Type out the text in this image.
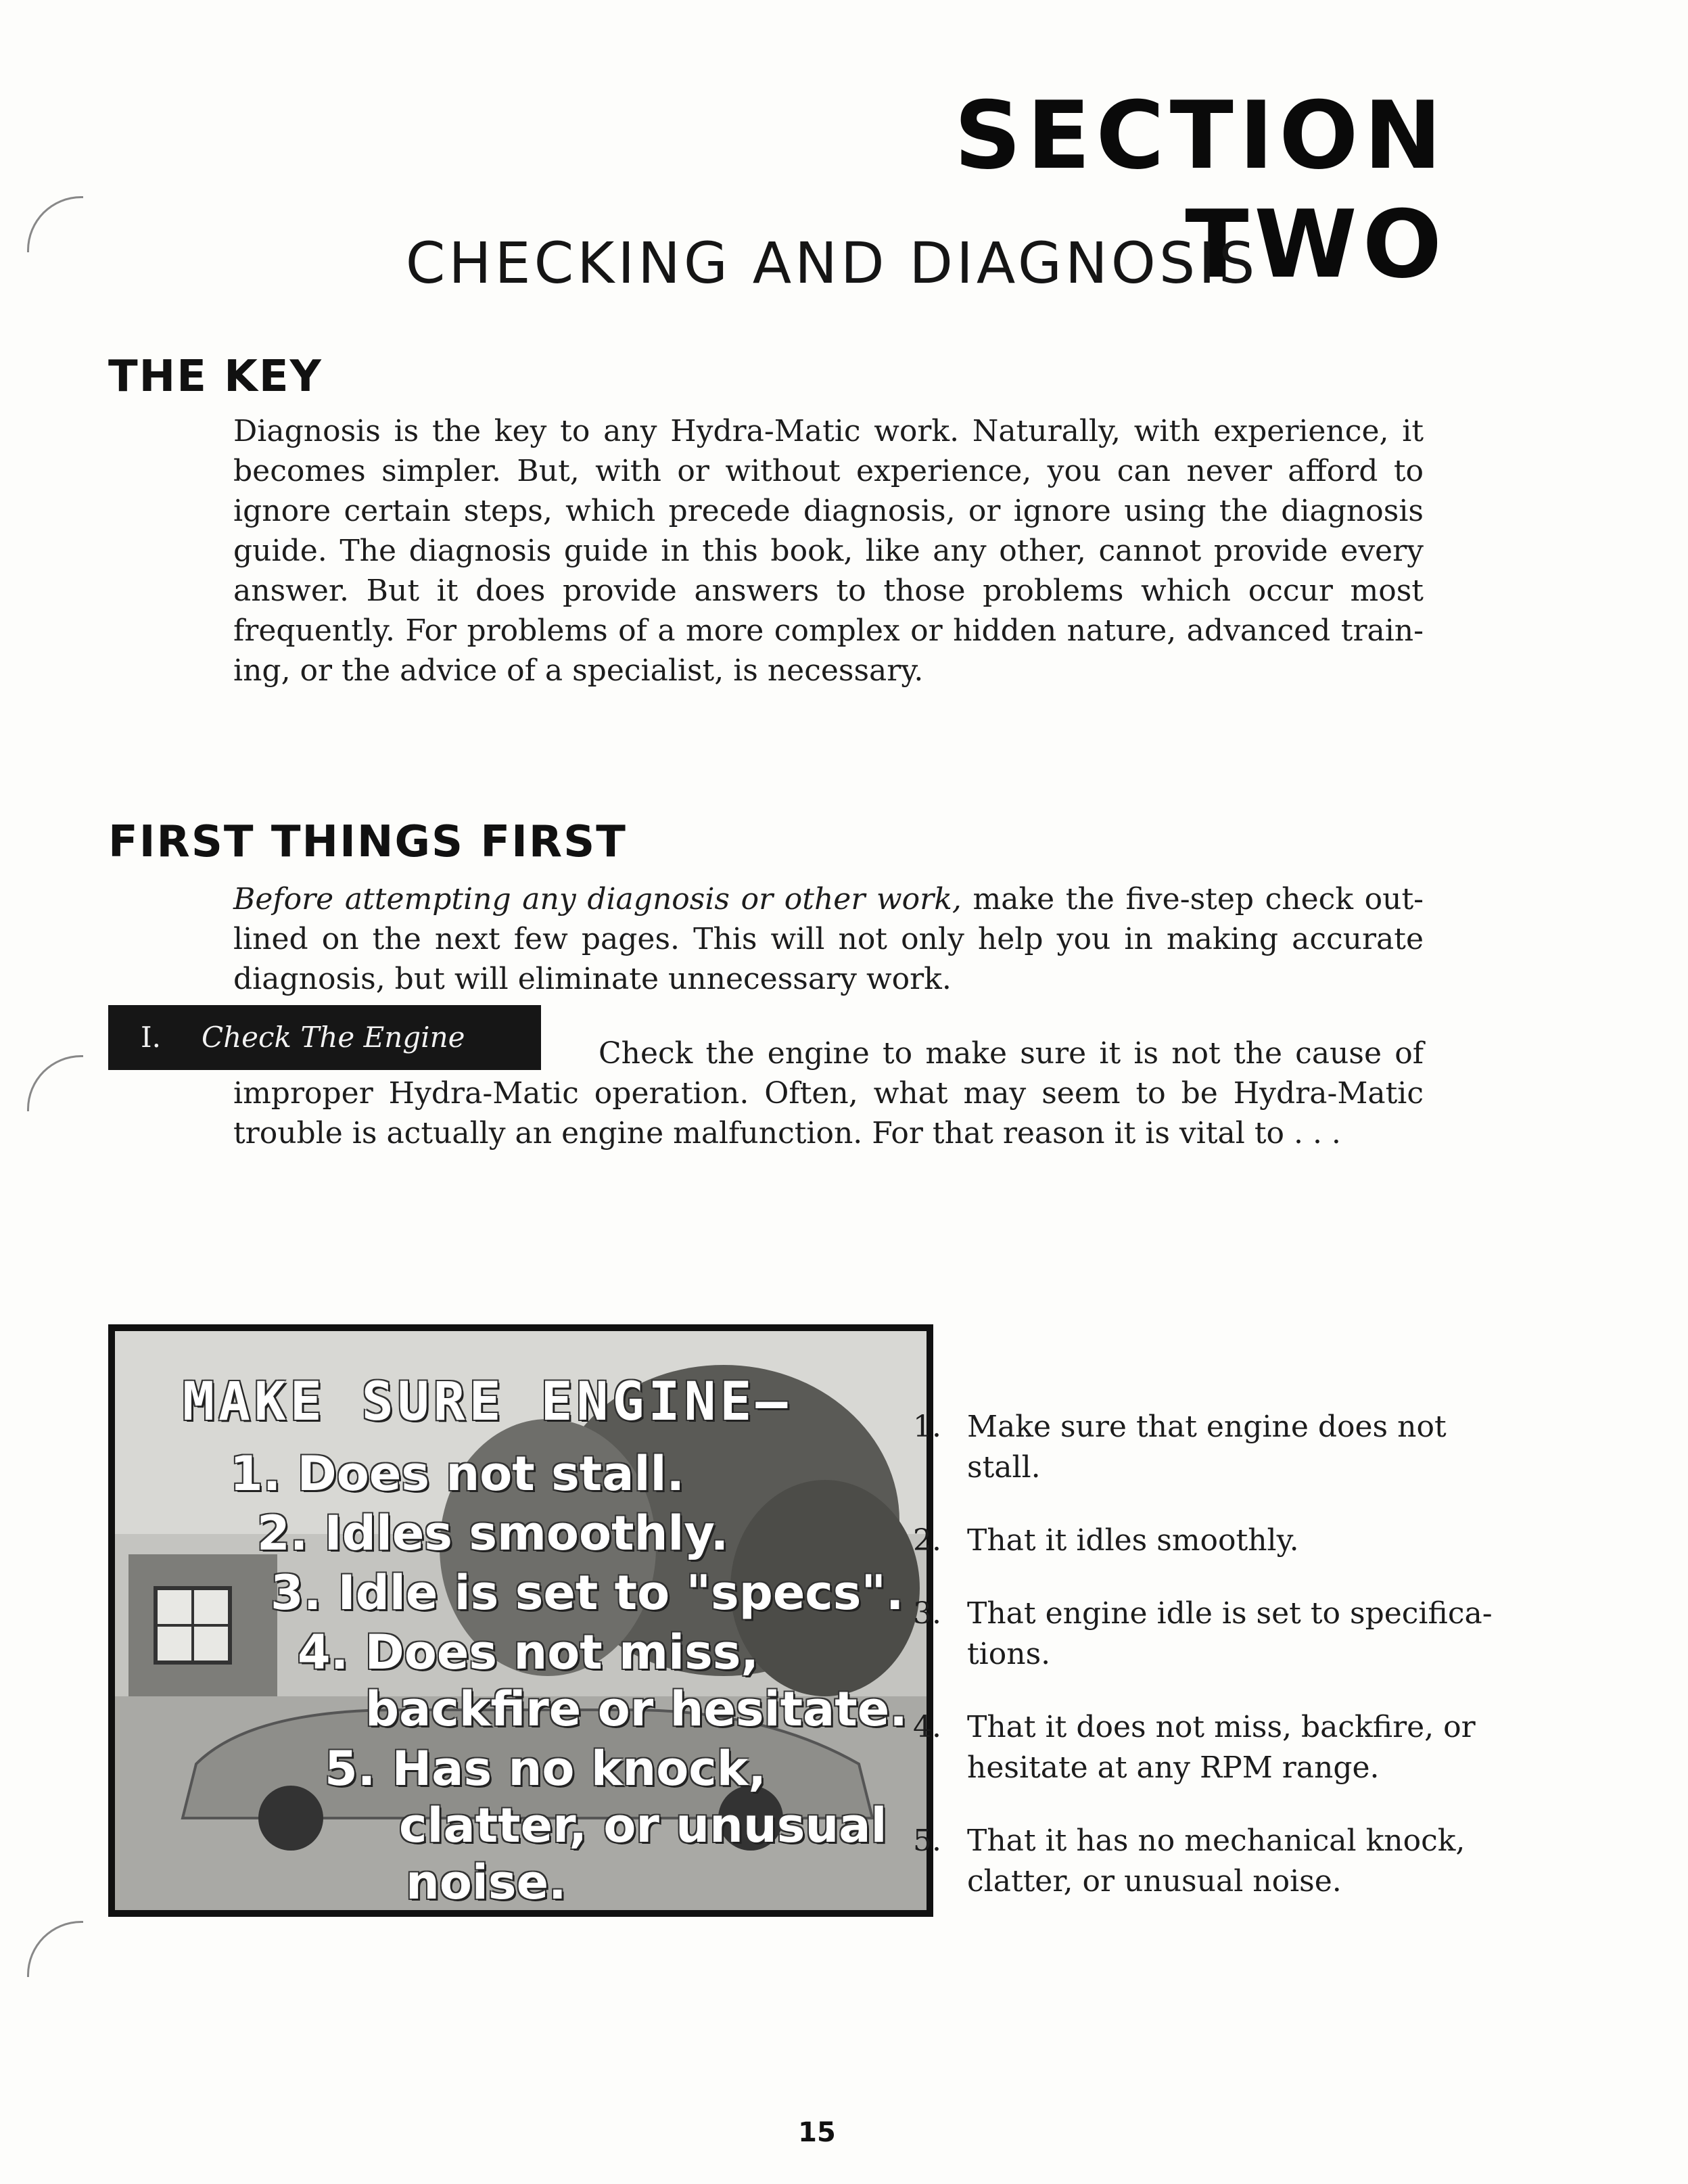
SECTION TWO
CHECKING AND DIAGNOSIS
THE KEY
Diagnosis is the key to any Hydra-Matic work. Naturally, with experience, it
becomes simpler. But, with or without experience, you can never afford to
ignore certain steps, which precede diagnosis, or ignore using the diagnosis
guide. The diagnosis guide in this book, like any other, cannot provide every
answer. But it does provide answers to those problems which occur most
frequently. For problems of a more complex or hidden nature, advanced train-
ing, or the advice of a specialist, is necessary.
FIRST THINGS FIRST
Before attempting any diagnosis or other work, make the five-step check out-
lined on the next few pages. This will not only help you in making accurate
diagnosis, but will eliminate unnecessary work.
I. Check The Engine	Check the engine to make sure it is not the cause of
improper Hydra-Matic operation. Often, what may seem to be Hydra-Matic
trouble is actually an engine malfunction. For that reason it is vital to . . .
MAKE SURE ENGINE—
1. Does not stall.
2. Idles smoothly.
3. Idle is set to "specs".
4. Does not miss,
backfire or hesitate.
5. Has no knock,
clatter, or unusual
noise.
1. Make sure that engine does not stall.
2. That it idles smoothly.
3. That engine idle is set to specifica- tions.
4. That it does not miss, backfire, or hesitate at any RPM range.
5. That it has no mechanical knock, clatter, or unusual noise.
15
